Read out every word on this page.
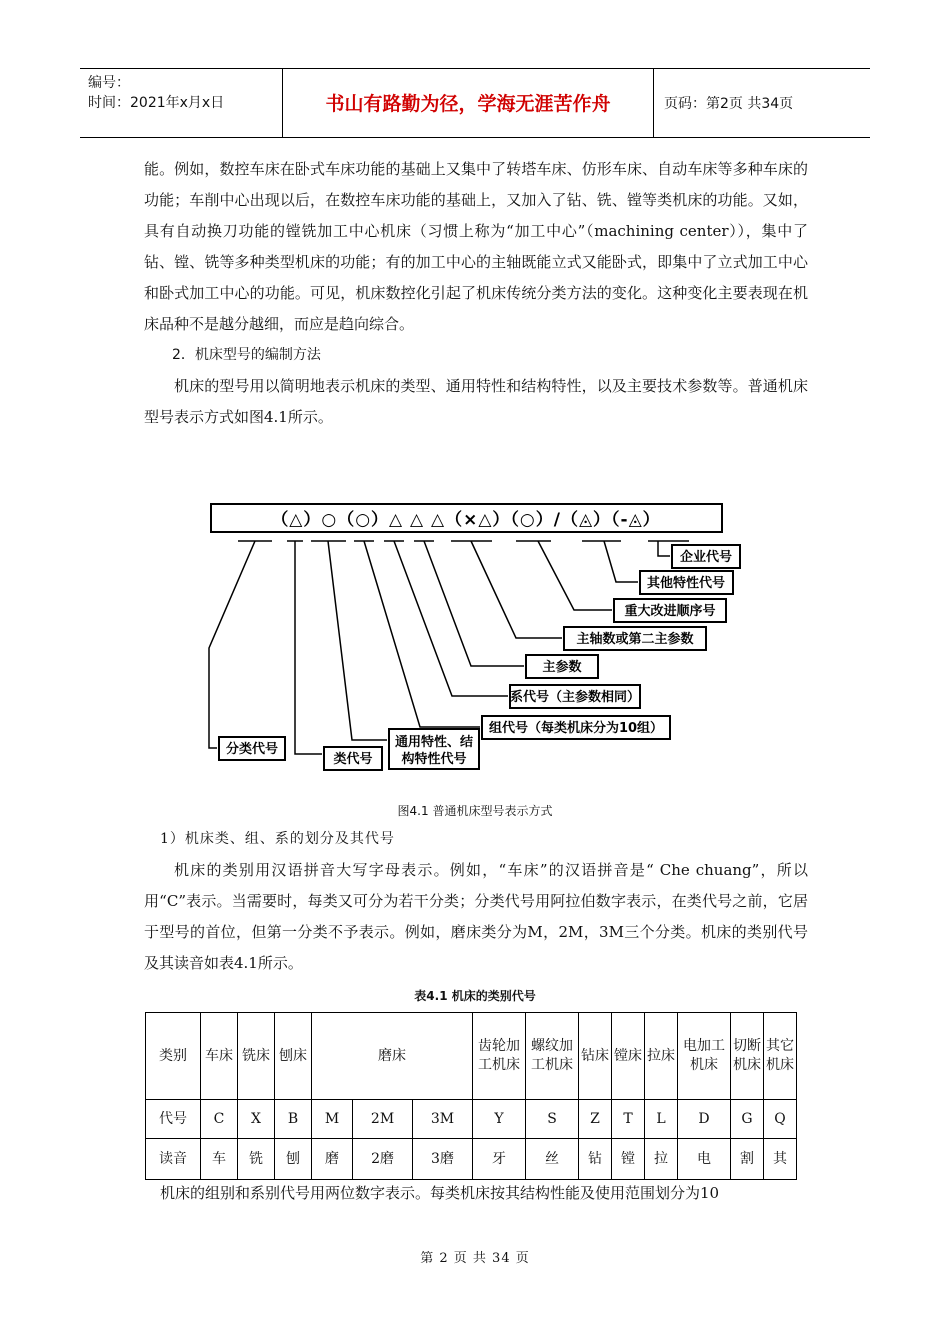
编号：
时间：2021年x月x日	书山有路勤为径，学海无涯苦作舟	页码：第2页 共34页

能。例如，数控车床在卧式车床功能的基础上又集中了转塔车床、仿形车床、自动车床等多种车床的功能；车削中心出现以后，在数控车床功能的基础上，又加入了钻、铣、镗等类机床的功能。又如，具有自动换刀功能的镗铣加工中心机床（习惯上称为“加工中心”（machining center）），集中了钻、镗、铣等多种类型机床的功能；有的加工中心的主轴既能立式又能卧式，即集中了立式加工中心和卧式加工中心的功能。可见，机床数控化引起了机床传统分类方法的变化。这种变化主要表现在机床品种不是越分越细，而应是趋向综合。

2．机床型号的编制方法

机床的型号用以简明地表示机床的类型、通用特性和结构特性，以及主要技术参数等。普通机床型号表示方式如图4.1所示。

（△）○（○）△ △ △（×△）（○）/（◬）（-◬）
企业代号
其他特性代号
重大改进顺序号
主轴数或第二主参数
主参数
系代号（主参数相同）
组代号（每类机床分为10组）
通用特性、结
构特性代号
类代号
分类代号
图4.1 普通机床型号表示方式
1）机床类、组、系的划分及其代号

机床的类别用汉语拼音大写字母表示。例如，“车床”的汉语拼音是“ Che chuang”，所以用“C”表示。当需要时，每类又可分为若干分类；分类代号用阿拉伯数字表示，在类代号之前，它居于型号的首位，但第一分类不予表示。例如，磨床类分为M，2M，3M三个分类。机床的类别代号及其读音如表4.1所示。

表4.1 机床的类别代号
类别	车床	铣床	刨床	磨床			齿轮加工机床	螺纹加工机床	钻床	镗床	拉床	电加工机床	切断机床	其它机床
代号	C	X	B	M	2M	3M	Y	S	Z	T	L	D	G	Q
读音	车	铣	刨	磨	2磨	3磨	牙	丝	钻	镗	拉	电	割	其
机床的组别和系别代号用两位数字表示。每类机床按其结构性能及使用范围划分为10
第 2 页 共 34 页
